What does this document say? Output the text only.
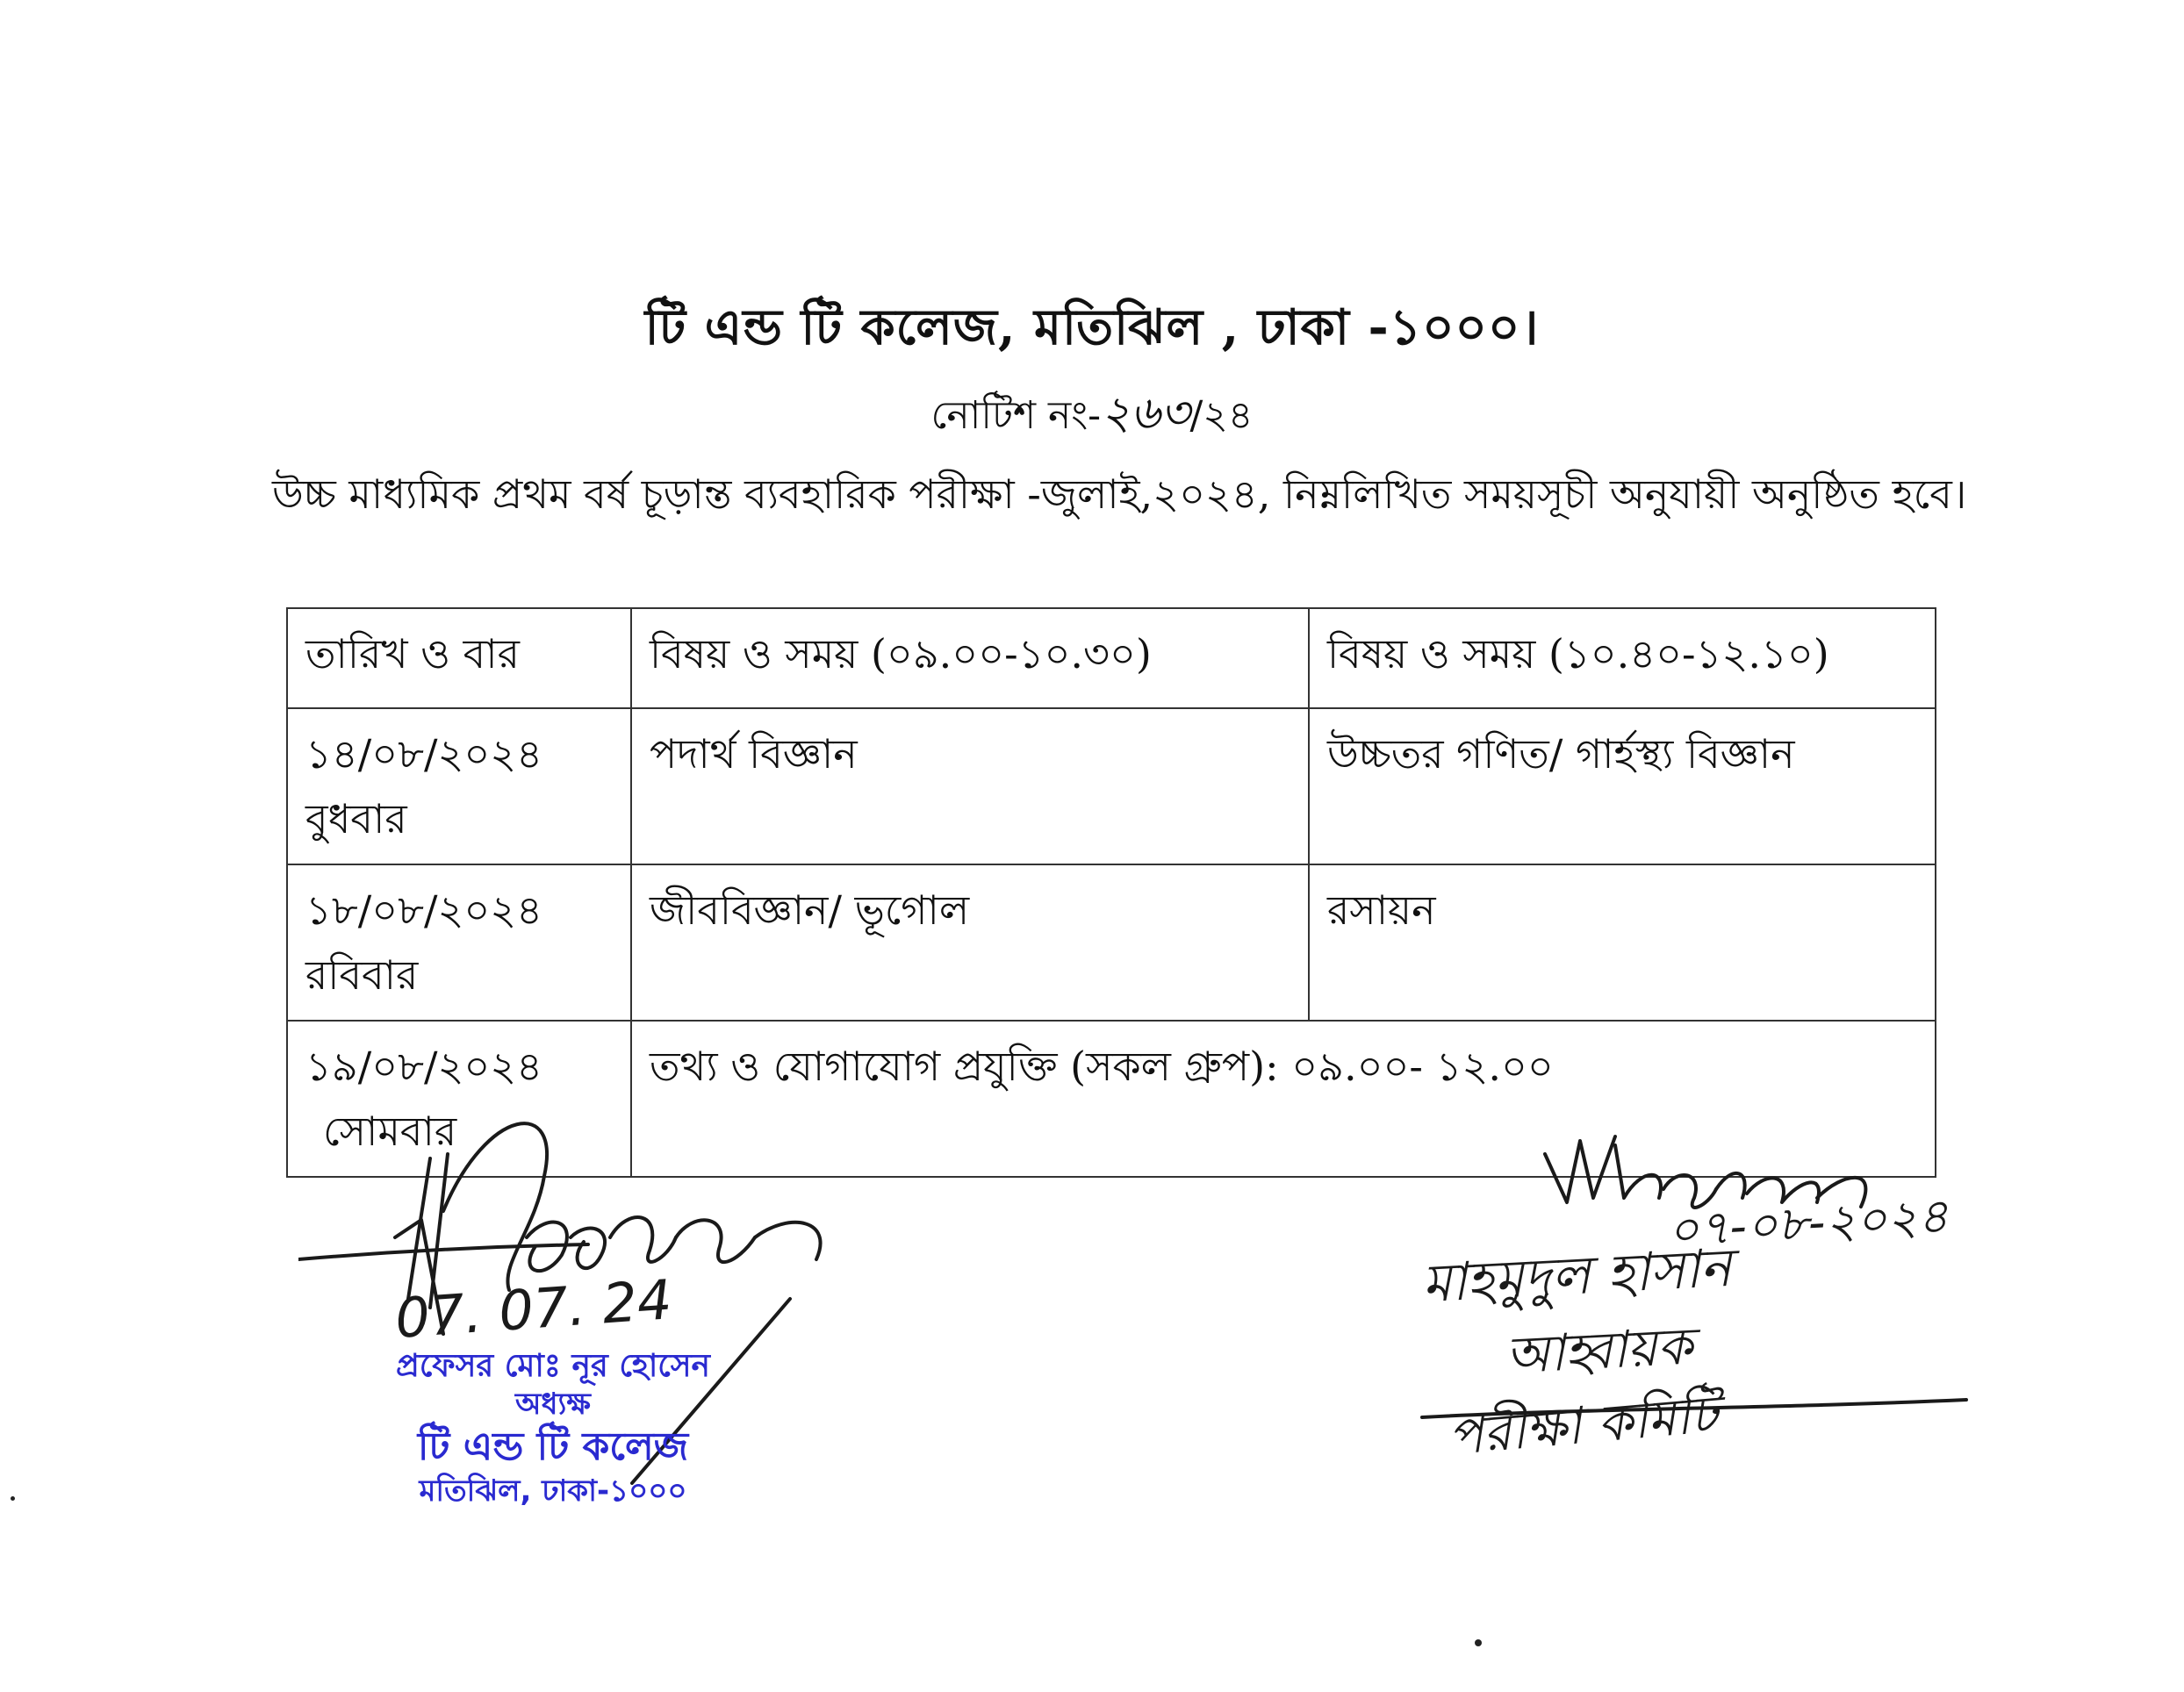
টি এন্ড টি কলেজ, মতিঝিল , ঢাকা -১০০০।
নোটিশ নং-২৬৩/২৪
উচ্চ মাধ্যমিক প্রথম বর্ষ চূড়ান্ত ব্যবহারিক পরীক্ষা -জুলাই,২০২৪, নিম্নলিখিত সময়সূচী অনুযায়ী অনুষ্ঠিত হবে।
তারিখ ও বার	বিষয় ও সময় (০৯.০০-১০.৩০)	বিষয় ও সময় (১০.৪০-১২.১০)

১৪/০৮/২০২৪
বুধবার	পদার্থ বিজ্ঞান	উচ্চতর গণিত/ গার্হস্থ্য বিজ্ঞান

১৮/০৮/২০২৪
রবিবার	জীববিজ্ঞান/ ভূগোল	রসায়ন

১৯/০৮/২০২৪
সোমবার	তথ্য ও যোগাযোগ প্রযুক্তি (সকল গ্রুপ): ০৯.০০- ১২.০০	
07. 07. 24
প্রফেসর মোঃ নূর হোসেন
অধ্যক্ষ
টি এন্ড টি কলেজ
মতিঝিল, ঢাকা-১০০০
০৭-০৮-২০২৪
মাহমুদুল হাসান
আহ্বায়ক
পরীক্ষা কমিটি
